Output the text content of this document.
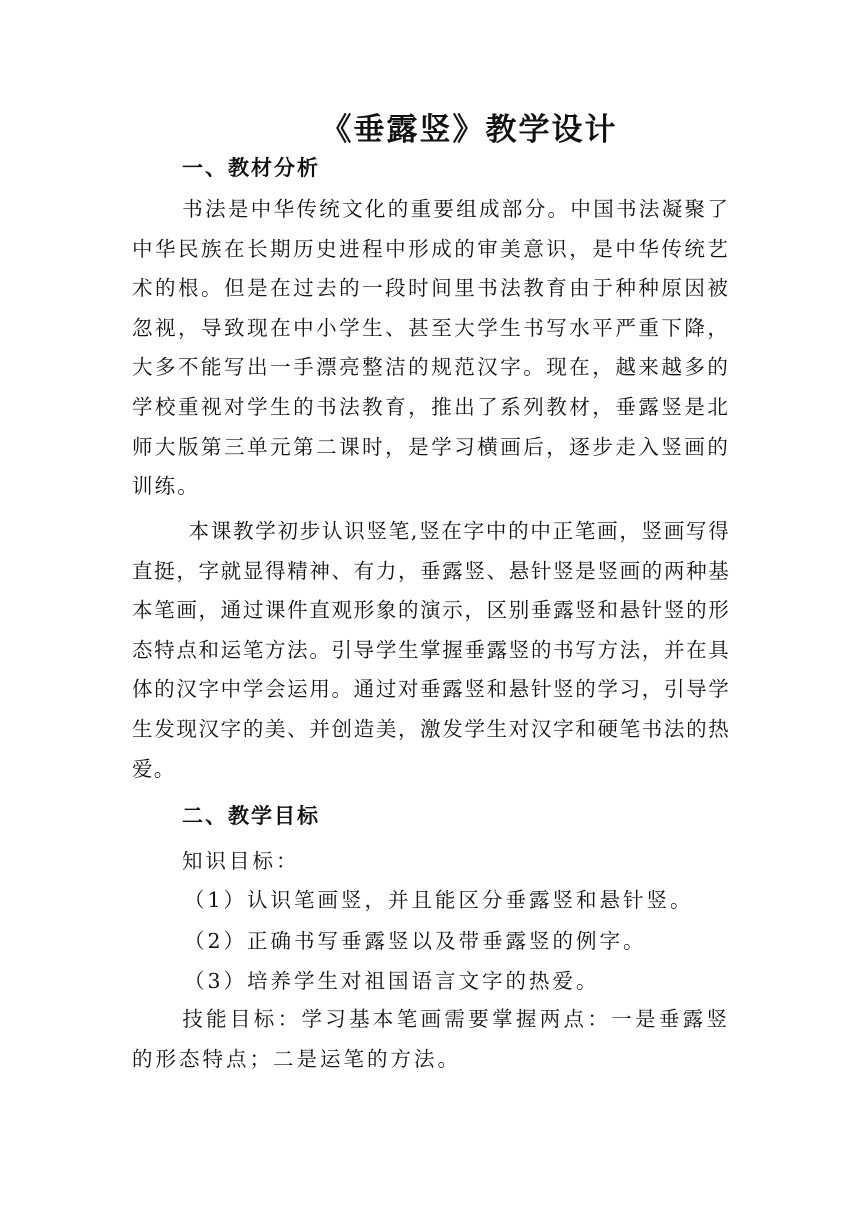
《垂露竖》教学设计
一、教材分析
书法是中华传统文化的重要组成部分。中国书法凝聚了中华民族在长期历史进程中形成的审美意识，是中华传统艺术的根。但是在过去的一段时间里书法教育由于种种原因被忽视，导致现在中小学生、甚至大学生书写水平严重下降，大多不能写出一手漂亮整洁的规范汉字。现在，越来越多的学校重视对学生的书法教育，推出了系列教材，垂露竖是北师大版第三单元第二课时，是学习横画后，逐步走入竖画的训练。
本课教学初步认识竖笔,竖在字中的中正笔画，竖画写得直挺，字就显得精神、有力，垂露竖、悬针竖是竖画的两种基本笔画，通过课件直观形象的演示，区别垂露竖和悬针竖的形态特点和运笔方法。引导学生掌握垂露竖的书写方法，并在具体的汉字中学会运用。通过对垂露竖和悬针竖的学习，引导学生发现汉字的美、并创造美，激发学生对汉字和硬笔书法的热爱。
二、教学目标
知识目标：
（1）认识笔画竖，并且能区分垂露竖和悬针竖。
（2）正确书写垂露竖以及带垂露竖的例字。
（3）培养学生对祖国语言文字的热爱。
技能目标：学习基本笔画需要掌握两点：一是垂露竖的形态特点；二是运笔的方法。
